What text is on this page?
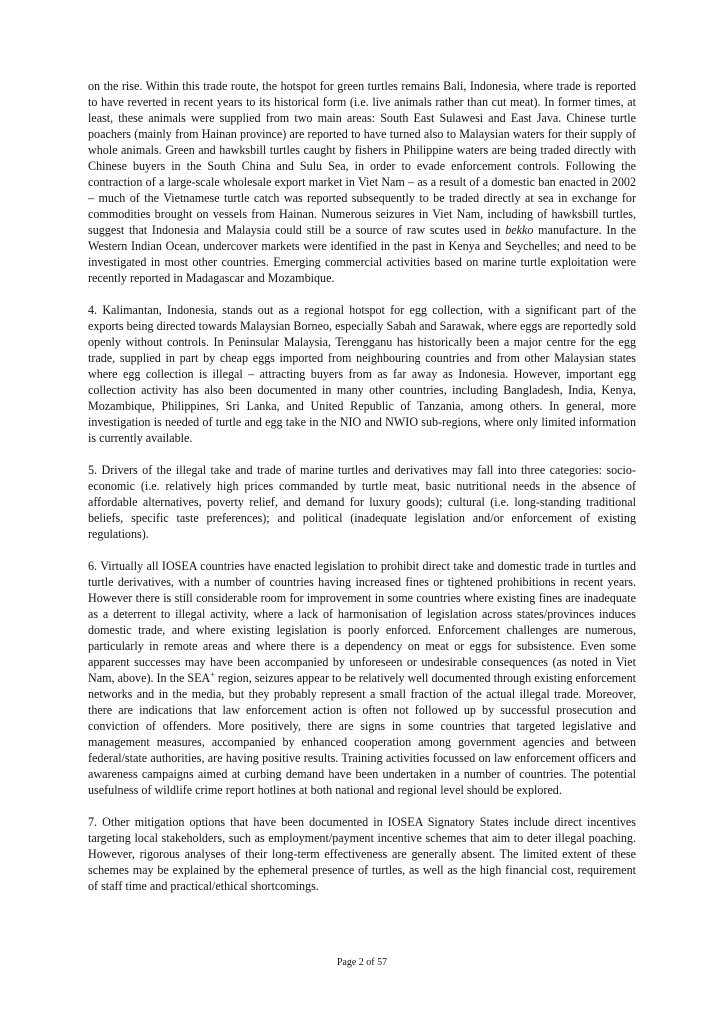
on the rise. Within this trade route, the hotspot for green turtles remains Bali, Indonesia, where trade is reported to have reverted in recent years to its historical form (i.e. live animals rather than cut meat). In former times, at least, these animals were supplied from two main areas: South East Sulawesi and East Java. Chinese turtle poachers (mainly from Hainan province) are reported to have turned also to Malaysian waters for their supply of whole animals. Green and hawksbill turtles caught by fishers in Philippine waters are being traded directly with Chinese buyers in the South China and Sulu Sea, in order to evade enforcement controls. Following the contraction of a large-scale wholesale export market in Viet Nam – as a result of a domestic ban enacted in 2002 – much of the Vietnamese turtle catch was reported subsequently to be traded directly at sea in exchange for commodities brought on vessels from Hainan. Numerous seizures in Viet Nam, including of hawksbill turtles, suggest that Indonesia and Malaysia could still be a source of raw scutes used in bekko manufacture. In the Western Indian Ocean, undercover markets were identified in the past in Kenya and Seychelles; and need to be investigated in most other countries. Emerging commercial activities based on marine turtle exploitation were recently reported in Madagascar and Mozambique.

4. Kalimantan, Indonesia, stands out as a regional hotspot for egg collection, with a significant part of the exports being directed towards Malaysian Borneo, especially Sabah and Sarawak, where eggs are reportedly sold openly without controls. In Peninsular Malaysia, Terengganu has historically been a major centre for the egg trade, supplied in part by cheap eggs imported from neighbouring countries and from other Malaysian states where egg collection is illegal – attracting buyers from as far away as Indonesia. However, important egg collection activity has also been documented in many other countries, including Bangladesh, India, Kenya, Mozambique, Philippines, Sri Lanka, and United Republic of Tanzania, among others. In general, more investigation is needed of turtle and egg take in the NIO and NWIO sub-regions, where only limited information is currently available.

5. Drivers of the illegal take and trade of marine turtles and derivatives may fall into three categories: socio-economic (i.e. relatively high prices commanded by turtle meat, basic nutritional needs in the absence of affordable alternatives, poverty relief, and demand for luxury goods); cultural (i.e. long-standing traditional beliefs, specific taste preferences); and political (inadequate legislation and/or enforcement of existing regulations).

6. Virtually all IOSEA countries have enacted legislation to prohibit direct take and domestic trade in turtles and turtle derivatives, with a number of countries having increased fines or tightened prohibitions in recent years. However there is still considerable room for improvement in some countries where existing fines are inadequate as a deterrent to illegal activity, where a lack of harmonisation of legislation across states/provinces induces domestic trade, and where existing legislation is poorly enforced. Enforcement challenges are numerous, particularly in remote areas and where there is a dependency on meat or eggs for subsistence. Even some apparent successes may have been accompanied by unforeseen or undesirable consequences (as noted in Viet Nam, above). In the SEA+ region, seizures appear to be relatively well documented through existing enforcement networks and in the media, but they probably represent a small fraction of the actual illegal trade. Moreover, there are indications that law enforcement action is often not followed up by successful prosecution and conviction of offenders. More positively, there are signs in some countries that targeted legislative and management measures, accompanied by enhanced cooperation among government agencies and between federal/state authorities, are having positive results. Training activities focussed on law enforcement officers and awareness campaigns aimed at curbing demand have been undertaken in a number of countries. The potential usefulness of wildlife crime report hotlines at both national and regional level should be explored.

7. Other mitigation options that have been documented in IOSEA Signatory States include direct incentives targeting local stakeholders, such as employment/payment incentive schemes that aim to deter illegal poaching. However, rigorous analyses of their long-term effectiveness are generally absent. The limited extent of these schemes may be explained by the ephemeral presence of turtles, as well as the high financial cost, requirement of staff time and practical/ethical shortcomings.

Page 2 of 57
